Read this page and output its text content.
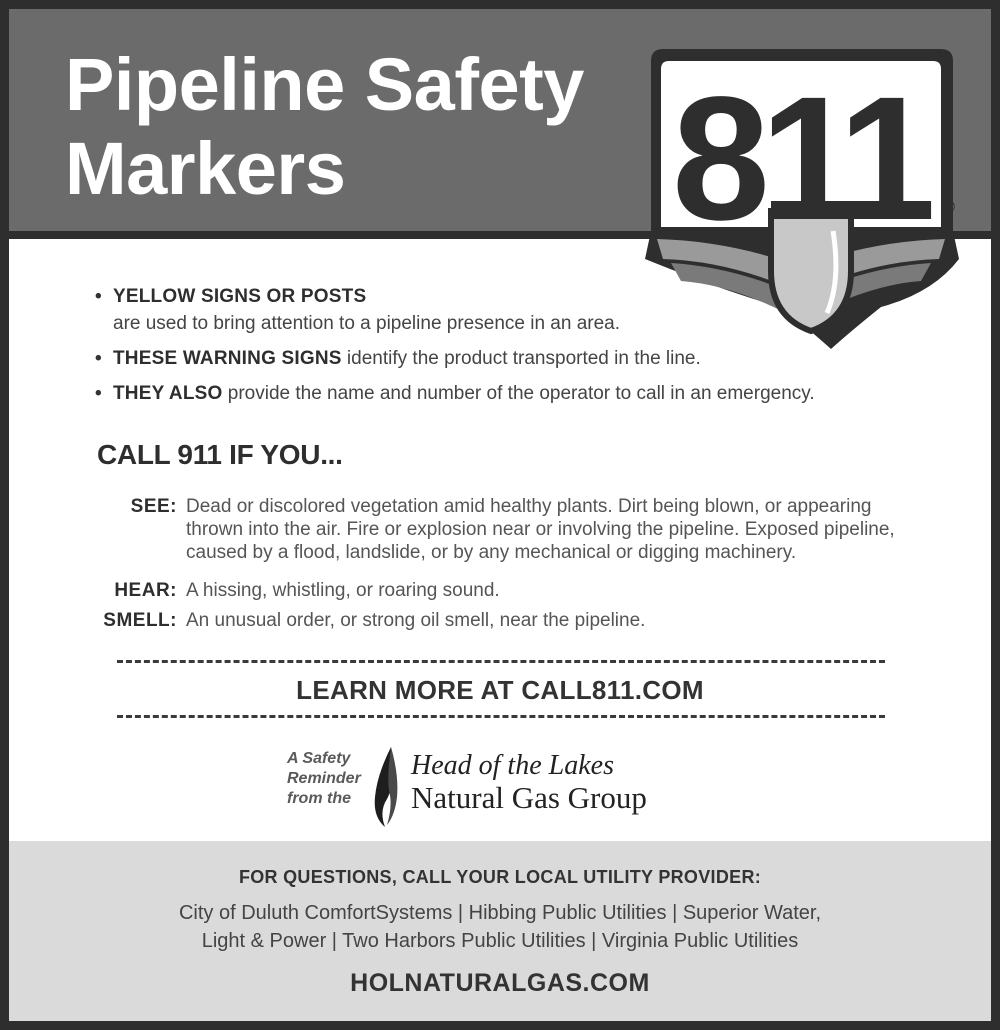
Pipeline Safety
Markers	811 ®
• YELLOW SIGNS OR POSTS
are used to bring attention to a pipeline presence in an area.
• THESE WARNING SIGNS identify the product transported in the line.
• THEY ALSO provide the name and number of the operator to call in an emergency.
CALL 911 IF YOU...
SEE: Dead or discolored vegetation amid healthy plants. Dirt being blown, or appearing thrown into the air. Fire or explosion near or involving the pipeline. Exposed pipeline, caused by a flood, landslide, or by any mechanical or digging machinery.
HEAR: A hissing, whistling, or roaring sound.
SMELL: An unusual order, or strong oil smell, near the pipeline.
LEARN MORE AT CALL811.COM
A Safety
Reminder
from the
Head of the Lakes
Natural Gas Group
FOR QUESTIONS, CALL YOUR LOCAL UTILITY PROVIDER:
City of Duluth ComfortSystems | Hibbing Public Utilities | Superior Water,
Light & Power | Two Harbors Public Utilities | Virginia Public Utilities
HOLNATURALGAS.COM
